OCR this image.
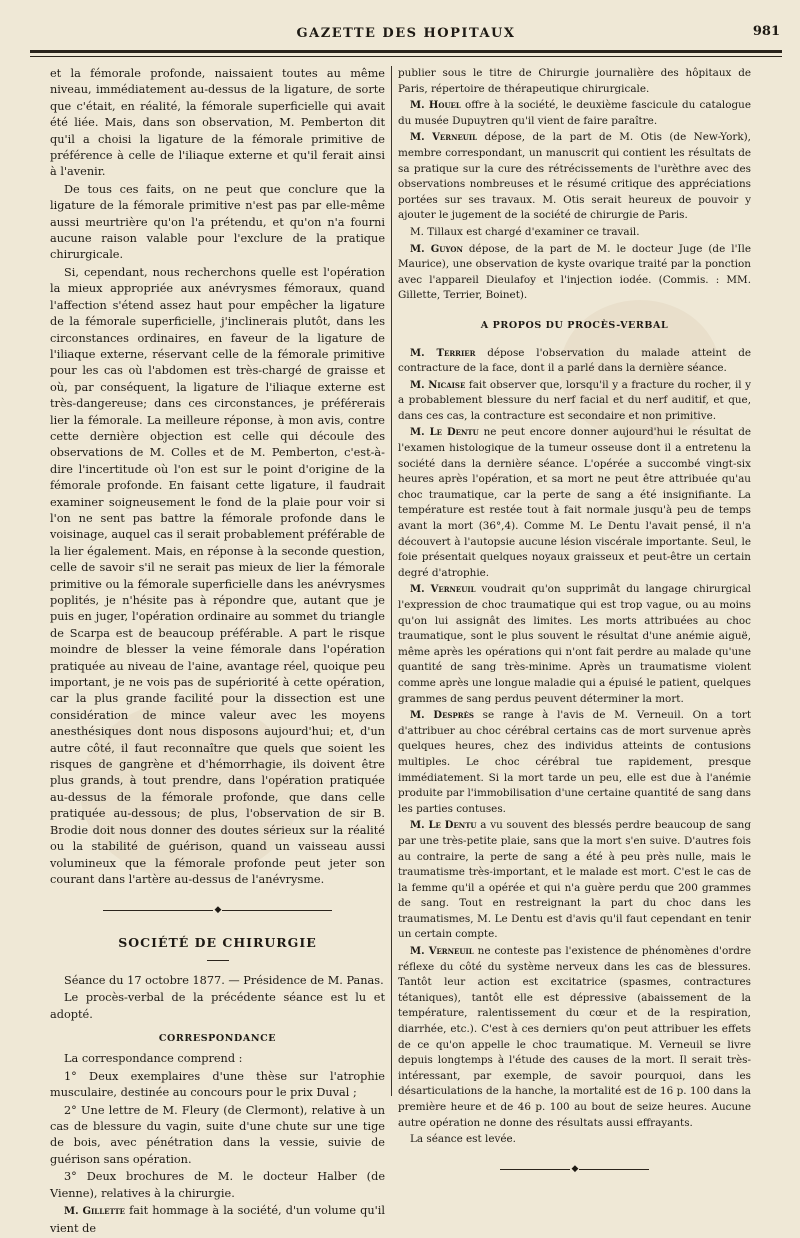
GAZETTE DES HOPITAUX	981

et la fémorale profonde, naissaient toutes au même niveau, immédiatement au-dessus de la ligature, de sorte que c'était, en réalité, la fémorale superficielle qui avait été liée. Mais, dans son observation, M. Pemberton dit qu'il a choisi la ligature de la fémorale primitive de préférence à celle de l'iliaque externe et qu'il ferait ainsi à l'avenir.

De tous ces faits, on ne peut que conclure que la ligature de la fémorale primitive n'est pas par elle-même aussi meurtrière qu'on l'a prétendu, et qu'on n'a fourni aucune raison valable pour l'exclure de la pratique chirurgicale.

Si, cependant, nous recherchons quelle est l'opération la mieux appropriée aux anévrysmes fémoraux, quand l'affection s'étend assez haut pour empêcher la ligature de la fémorale superficielle, j'inclinerais plutôt, dans les circonstances ordinaires, en faveur de la ligature de l'iliaque externe, réservant celle de la fémorale primitive pour les cas où l'abdomen est très-chargé de graisse et où, par conséquent, la ligature de l'iliaque externe est très-dangereuse; dans ces circonstances, je préférerais lier la fémorale. La meilleure réponse, à mon avis, contre cette dernière objection est celle qui découle des observations de M. Colles et de M. Pemberton, c'est-à-dire l'incertitude où l'on est sur le point d'origine de la fémorale profonde. En faisant cette ligature, il faudrait examiner soigneusement le fond de la plaie pour voir si l'on ne sent pas battre la fémorale profonde dans le voisinage, auquel cas il serait probablement préférable de la lier également. Mais, en réponse à la seconde question, celle de savoir s'il ne serait pas mieux de lier la fémorale primitive ou la fémorale superficielle dans les anévrysmes poplités, je n'hésite pas à répondre que, autant que je puis en juger, l'opération ordinaire au sommet du triangle de Scarpa est de beaucoup préférable. A part le risque moindre de blesser la veine fémorale dans l'opération pratiquée au niveau de l'aine, avantage réel, quoique peu important, je ne vois pas de supériorité à cette opération, car la plus grande facilité pour la dissection est une considération de mince valeur avec les moyens anesthésiques dont nous disposons aujourd'hui; et, d'un autre côté, il faut reconnaître que quels que soient les risques de gangrène et d'hémorrhagie, ils doivent être plus grands, à tout prendre, dans l'opération pratiquée au-dessus de la fémorale profonde, que dans celle pratiquée au-dessous; de plus, l'observation de sir B. Brodie doit nous donner des doutes sérieux sur la réalité ou la stabilité de guérison, quand un vaisseau aussi volumineux que la fémorale profonde peut jeter son courant dans l'artère au-dessus de l'anévrysme.

◆
SOCIÉTÉ DE CHIRURGIE

Séance du 17 octobre 1877. — Présidence de M. Panas.

Le procès-verbal de la précédente séance est lu et adopté.

CORRESPONDANCE

La correspondance comprend :

1° Deux exemplaires d'une thèse sur l'atrophie musculaire, destinée au concours pour le prix Duval ;

2° Une lettre de M. Fleury (de Clermont), relative à un cas de blessure du vagin, suite d'une chute sur une tige de bois, avec pénétration dans la vessie, suivie de guérison sans opération.

3° Deux brochures de M. le docteur Halber (de Vienne), relatives à la chirurgie.

M. Gillette fait hommage à la société, d'un volume qu'il vient de

publier sous le titre de Chirurgie journalière des hôpitaux de Paris, répertoire de thérapeutique chirurgicale.

M. Houel offre à la société, le deuxième fascicule du catalogue du musée Dupuytren qu'il vient de faire paraître.

M. Verneuil dépose, de la part de M. Otis (de New-York), membre correspondant, un manuscrit qui contient les résultats de sa pratique sur la cure des rétrécissements de l'urèthre avec des observations nombreuses et le résumé critique des appréciations portées sur ses travaux. M. Otis serait heureux de pouvoir y ajouter le jugement de la société de chirurgie de Paris.

M. Tillaux est chargé d'examiner ce travail.

M. Guyon dépose, de la part de M. le docteur Juge (de l'Ile Maurice), une observation de kyste ovarique traité par la ponction avec l'appareil Dieulafoy et l'injection iodée. (Commis. : MM. Gillette, Terrier, Boinet).

A PROPOS DU PROCÈS-VERBAL

M. Terrier dépose l'observation du malade atteint de contracture de la face, dont il a parlé dans la dernière séance.

M. Nicaise fait observer que, lorsqu'il y a fracture du rocher, il y a probablement blessure du nerf facial et du nerf auditif, et que, dans ces cas, la contracture est secondaire et non primitive.

M. Le Dentu ne peut encore donner aujourd'hui le résultat de l'examen histologique de la tumeur osseuse dont il a entretenu la société dans la dernière séance. L'opérée a succombé vingt-six heures après l'opération, et sa mort ne peut être attribuée qu'au choc traumatique, car la perte de sang a été insignifiante. La température est restée tout à fait normale jusqu'à peu de temps avant la mort (36°,4). Comme M. Le Dentu l'avait pensé, il n'a découvert à l'autopsie aucune lésion viscérale importante. Seul, le foie présentait quelques noyaux graisseux et peut-être un certain degré d'atrophie.

M. Verneuil voudrait qu'on supprimât du langage chirurgical l'expression de choc traumatique qui est trop vague, ou au moins qu'on lui assignât des limites. Les morts attribuées au choc traumatique, sont le plus souvent le résultat d'une anémie aiguë, même après les opérations qui n'ont fait perdre au malade qu'une quantité de sang très-minime. Après un traumatisme violent comme après une longue maladie qui a épuisé le patient, quelques grammes de sang perdus peuvent déterminer la mort.

M. Desprès se range à l'avis de M. Verneuil. On a tort d'attribuer au choc cérébral certains cas de mort survenue après quelques heures, chez des individus atteints de contusions multiples. Le choc cérébral tue rapidement, presque immédiatement. Si la mort tarde un peu, elle est due à l'anémie produite par l'immobilisation d'une certaine quantité de sang dans les parties contuses.

M. Le Dentu a vu souvent des blessés perdre beaucoup de sang par une très-petite plaie, sans que la mort s'en suive. D'autres fois au contraire, la perte de sang a été à peu près nulle, mais le traumatisme très-important, et le malade est mort. C'est le cas de la femme qu'il a opérée et qui n'a guère perdu que 200 grammes de sang. Tout en restreignant la part du choc dans les traumatismes, M. Le Dentu est d'avis qu'il faut cependant en tenir un certain compte.

M. Verneuil ne conteste pas l'existence de phénomènes d'ordre réflexe du côté du système nerveux dans les cas de blessures. Tantôt leur action est excitatrice (spasmes, contractures tétaniques), tantôt elle est dépressive (abaissement de la température, ralentissement du cœur et de la respiration, diarrhée, etc.). C'est à ces derniers qu'on peut attribuer les effets de ce qu'on appelle le choc traumatique. M. Verneuil se livre depuis longtemps à l'étude des causes de la mort. Il serait très-intéressant, par exemple, de savoir pourquoi, dans les désarticulations de la hanche, la mortalité est de 16 p. 100 dans la première heure et de 46 p. 100 au bout de seize heures. Aucune autre opération ne donne des résultats aussi effrayants.

La séance est levée.

◆
